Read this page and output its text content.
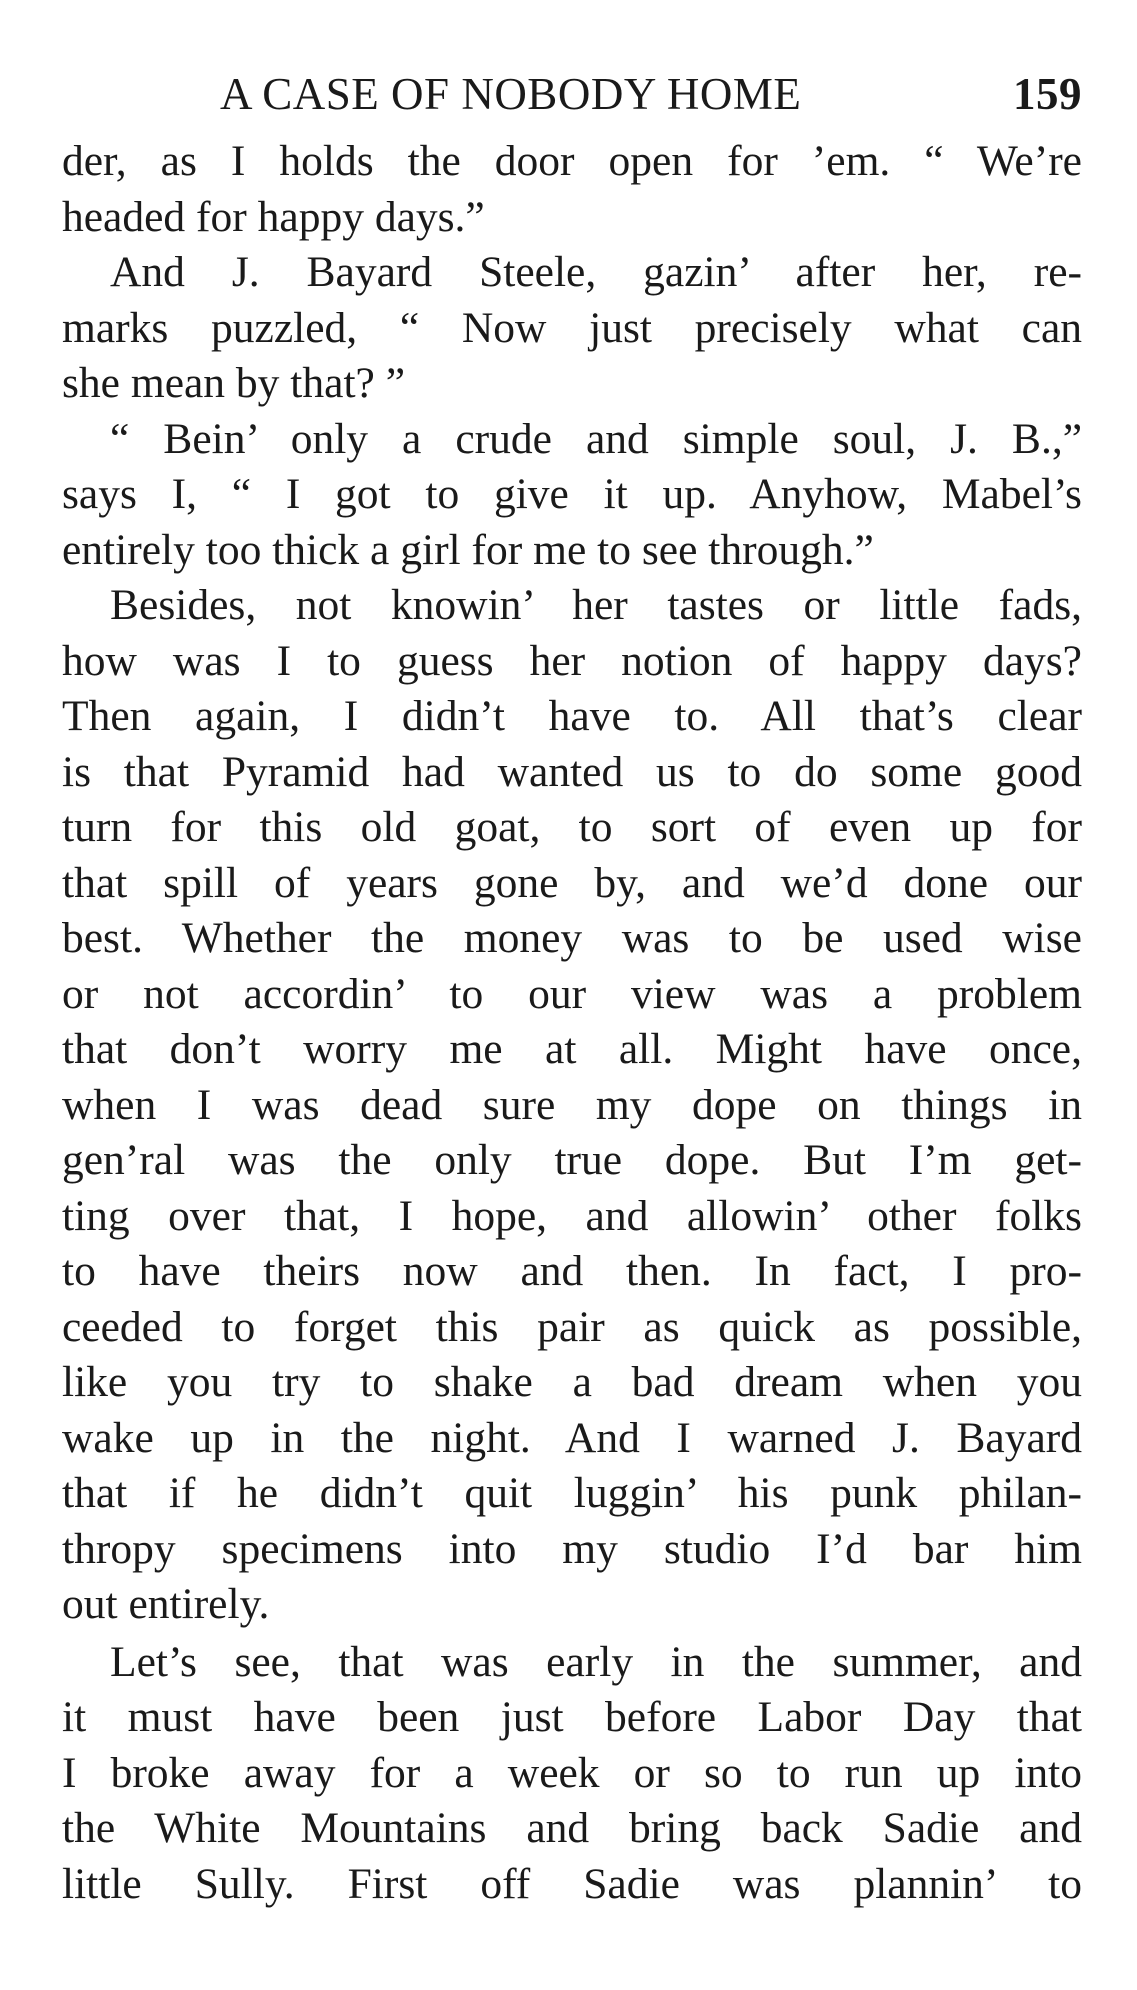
A CASE OF NOBODY HOME	159
der, as I holds the door open for ’em. “ We’re
headed for happy days.”
And J. Bayard Steele, gazin’ after her, re-
marks puzzled, “ Now just precisely what can
she mean by that? ”
“ Bein’ only a crude and simple soul, J. B.,”
says I, “ I got to give it up. Anyhow, Mabel’s
entirely too thick a girl for me to see through.”
Besides, not knowin’ her tastes or little fads,
how was I to guess her notion of happy days?
Then again, I didn’t have to. All that’s clear
is that Pyramid had wanted us to do some good
turn for this old goat, to sort of even up for
that spill of years gone by, and we’d done our
best. Whether the money was to be used wise
or not accordin’ to our view was a problem
that don’t worry me at all. Might have once,
when I was dead sure my dope on things in
gen’ral was the only true dope. But I’m get-
ting over that, I hope, and allowin’ other folks
to have theirs now and then. In fact, I pro-
ceeded to forget this pair as quick as possible,
like you try to shake a bad dream when you
wake up in the night. And I warned J. Bayard
that if he didn’t quit luggin’ his punk philan-
thropy specimens into my studio I’d bar him
out entirely.
Let’s see, that was early in the summer, and
it must have been just before Labor Day that
I broke away for a week or so to run up into
the White Mountains and bring back Sadie and
little Sully. First off Sadie was plannin’ to
